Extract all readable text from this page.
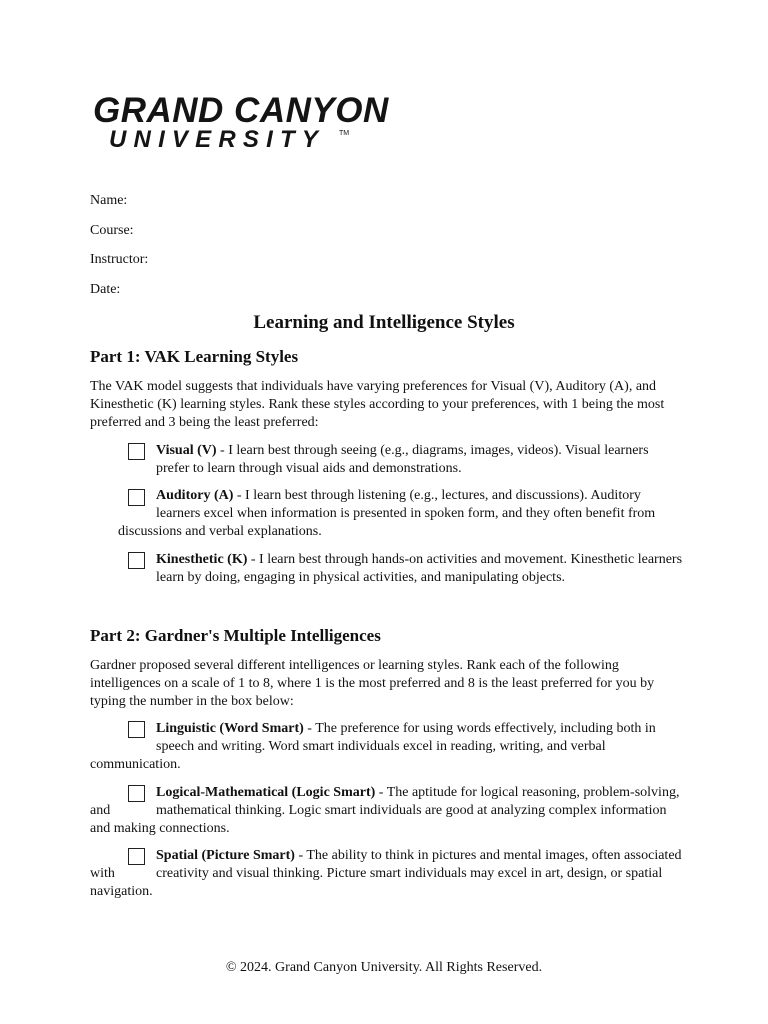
GRAND CANYON
UNIVERSITY TM
Name:
Course:
Instructor:
Date:
Learning and Intelligence Styles
Part 1: VAK Learning Styles
The VAK model suggests that individuals have varying preferences for Visual (V), Auditory (A), and
Kinesthetic (K) learning styles. Rank these styles according to your preferences, with 1 being the most
preferred and 3 being the least preferred:
Visual (V) - I learn best through seeing (e.g., diagrams, images, videos). Visual learners
prefer to learn through visual aids and demonstrations.
Auditory (A) - I learn best through listening (e.g., lectures, and discussions). Auditory
learners excel when information is presented in spoken form, and they often benefit from
discussions and verbal explanations.
Kinesthetic (K) - I learn best through hands-on activities and movement. Kinesthetic learners
learn by doing, engaging in physical activities, and manipulating objects.
Part 2: Gardner's Multiple Intelligences
Gardner proposed several different intelligences or learning styles. Rank each of the following
intelligences on a scale of 1 to 8, where 1 is the most preferred and 8 is the least preferred for you by
typing the number in the box below:
Linguistic (Word Smart) - The preference for using words effectively, including both in
speech and writing. Word smart individuals excel in reading, writing, and verbal
communication.
Logical-Mathematical (Logic Smart) - The aptitude for logical reasoning, problem-solving,
mathematical thinking. Logic smart individuals are good at analyzing complex information
and
and making connections.
Spatial (Picture Smart) - The ability to think in pictures and mental images, often associated
creativity and visual thinking. Picture smart individuals may excel in art, design, or spatial
with
navigation.
© 2024. Grand Canyon University. All Rights Reserved.
